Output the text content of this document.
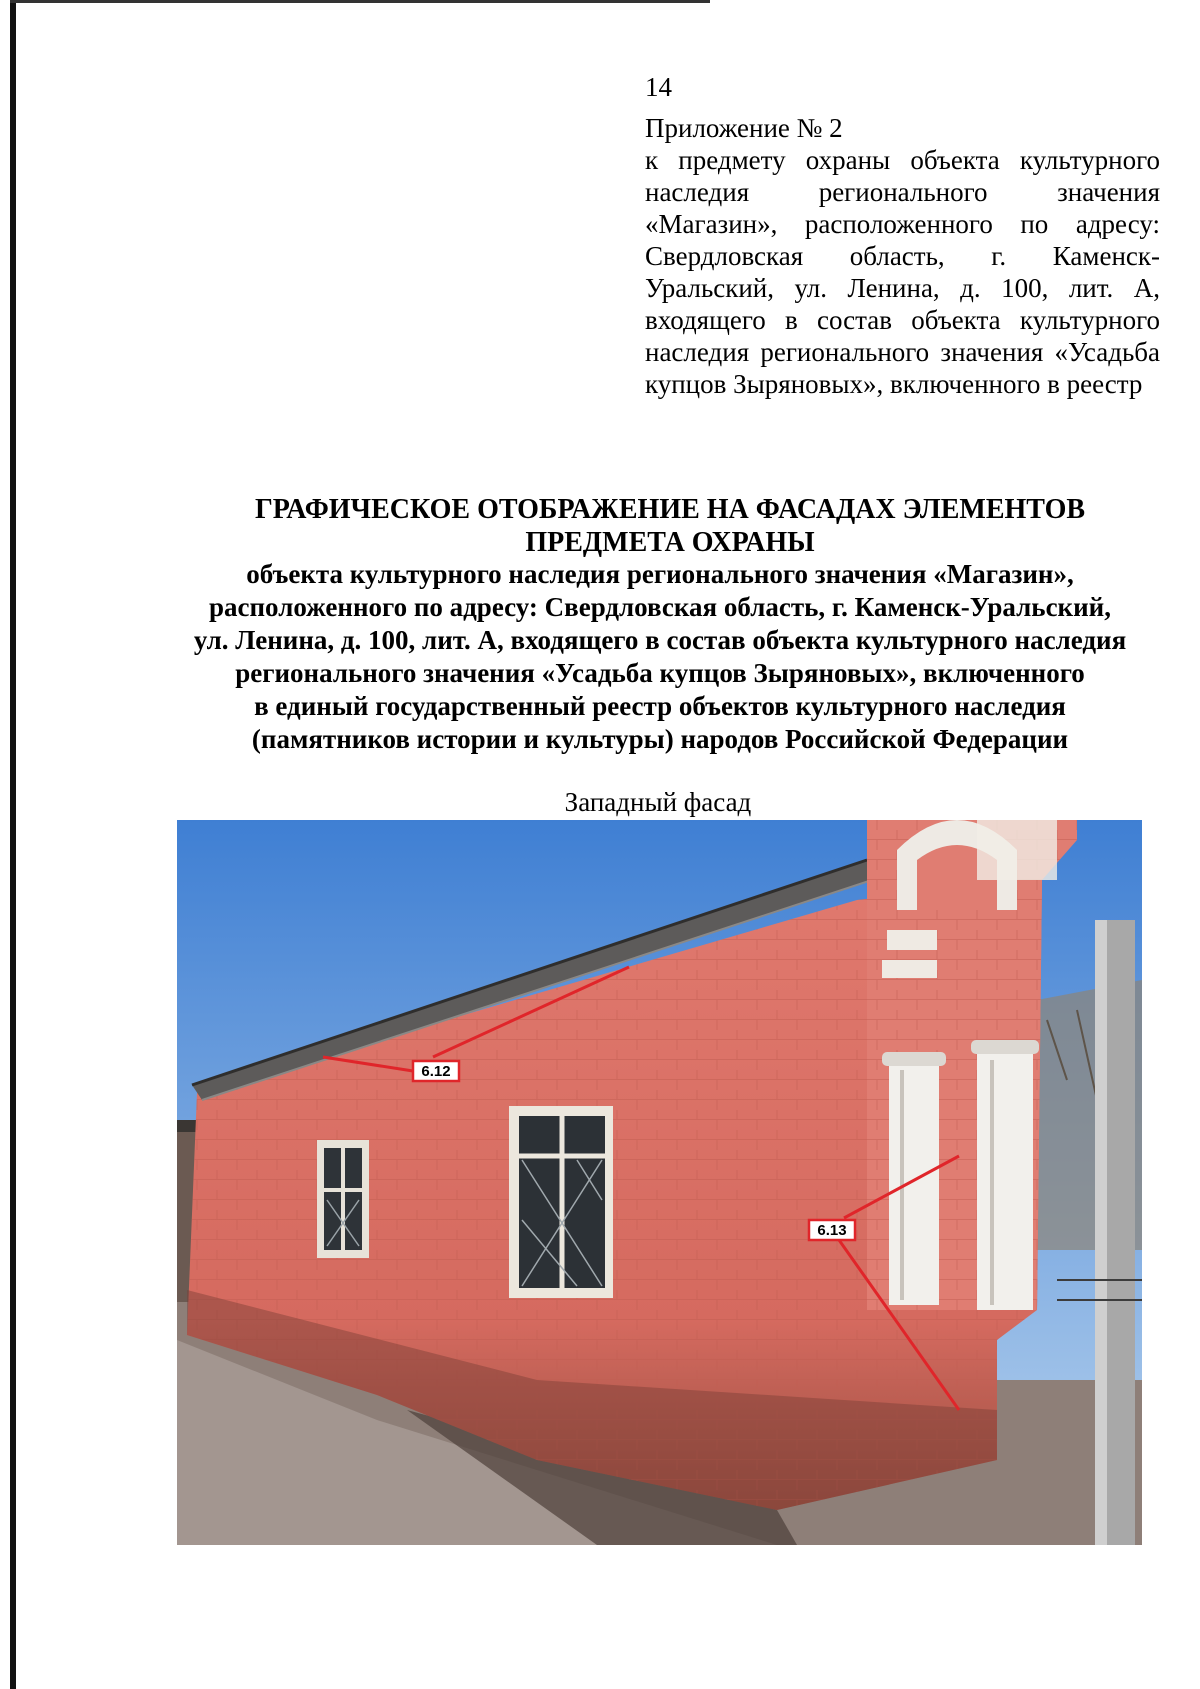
14
Приложение № 2
к предмету охраны объекта культурного наследия регионального значения «Магазин», расположенного по адресу: Свердловская область, г. Каменск-Уральский, ул. Ленина, д. 100, лит. А, входящего в состав объекта культурного наследия регионального значения «Усадьба купцов Зыряновых», включенного в реестр
ГРАФИЧЕСКОЕ ОТОБРАЖЕНИЕ НА ФАСАДАХ ЭЛЕМЕНТОВ
ПРЕДМЕТА ОХРАНЫ
объекта культурного наследия регионального значения «Магазин»,
расположенного по адресу: Свердловская область, г. Каменск-Уральский,
ул. Ленина, д. 100, лит. А, входящего в состав объекта культурного наследия
регионального значения «Усадьба купцов Зыряновых», включенного
в единый государственный реестр объектов культурного наследия
(памятников истории и культуры) народов Российской Федерации
Западный фасад
6.12
6.13
